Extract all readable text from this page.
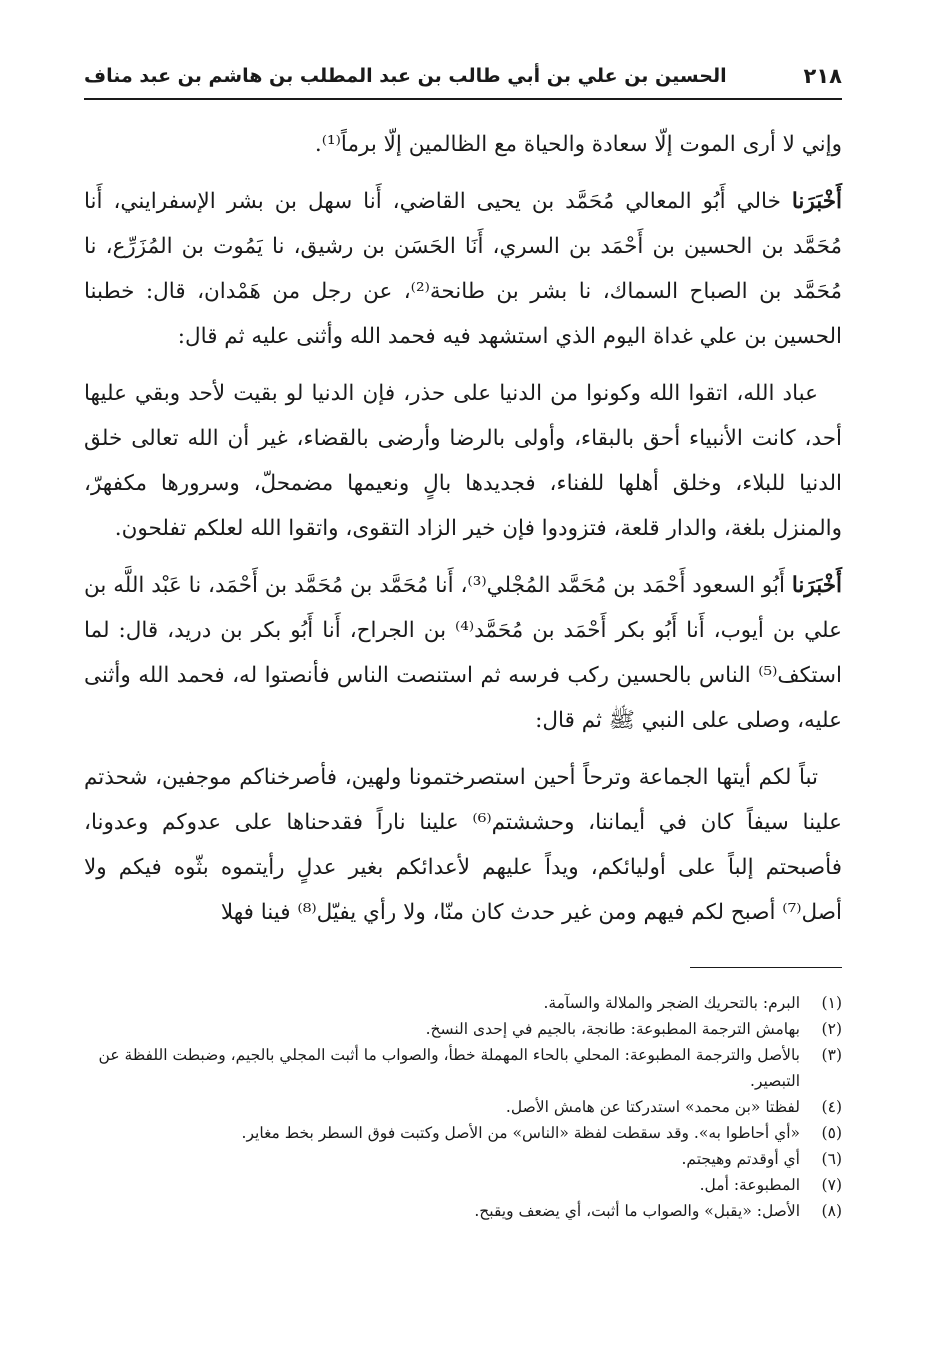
٢١٨
الحسين بن علي بن أبي طالب بن عبد المطلب بن هاشم بن عبد مناف

وإني لا أرى الموت إلّا سعادة والحياة مع الظالمين إلّا برماً⁽¹⁾.

أَخْبَرَنا خالي أَبُو المعالي مُحَمَّد بن يحيى القاضي، أَنا سهل بن بشر الإسفرايني، أَنا مُحَمَّد بن الحسين بن أَحْمَد بن السري، أَنَا الحَسَن بن رشيق، نا يَمُوت بن المُزَرِّع، نا مُحَمَّد بن الصباح السماك، نا بشر بن طانحة⁽²⁾، عن رجل من هَمْدان، قال: خطبنا الحسين بن علي غداة اليوم الذي استشهد فيه فحمد الله وأثنى عليه ثم قال:

عباد الله، اتقوا الله وكونوا من الدنيا على حذر، فإن الدنيا لو بقيت لأحد وبقي عليها أحد، كانت الأنبياء أحق بالبقاء، وأولى بالرضا وأرضى بالقضاء، غير أن الله تعالى خلق الدنيا للبلاء، وخلق أهلها للفناء، فجديدها بالٍ ونعيمها مضمحلّ، وسرورها مكفهرّ، والمنزل بلغة، والدار قلعة، فتزودوا فإن خير الزاد التقوى، واتقوا الله لعلكم تفلحون.

أَخْبَرَنا أَبُو السعود أَحْمَد بن مُحَمَّد المُجْلي⁽³⁾، أَنا مُحَمَّد بن مُحَمَّد بن أَحْمَد، نا عَبْد اللَّه بن علي بن أيوب، أَنا أَبُو بكر أَحْمَد بن مُحَمَّد⁽⁴⁾ بن الجراح، أَنا أَبُو بكر بن دريد، قال: لما استكف⁽⁵⁾ الناس بالحسين ركب فرسه ثم استنصت الناس فأنصتوا له، فحمد الله وأثنى عليه، وصلى على النبي ﷺ ثم قال:

تباً لكم أيتها الجماعة وترحاً أحين استصرختمونا ولهين، فأصرخناكم موجفين، شحذتم علينا سيفاً كان في أيماننا، وحششتم⁽⁶⁾ علينا ناراً فقدحناها على عدوكم وعدونا، فأصبحتم إلباً على أوليائكم، ويداً عليهم لأعدائكم بغير عدلٍ رأيتموه بثّوه فيكم ولا أصل⁽⁷⁾ أصبح لكم فيهم ومن غير حدث كان منّا، ولا رأي يفيّل⁽⁸⁾ فينا فهلا

(١)
البرم: بالتحريك الضجر والملالة والسآمة.
(٢)
بهامش الترجمة المطبوعة: طانجة، بالجيم في إحدى النسخ.
(٣)
بالأصل والترجمة المطبوعة: المحلي بالحاء المهملة خطأ، والصواب ما أثبت المجلي بالجيم، وضبطت اللفظة عن التبصير.
(٤)
لفظتا «بن محمد» استدركتا عن هامش الأصل.
(٥)
«أي أحاطوا به». وقد سقطت لفظة «الناس» من الأصل وكتبت فوق السطر بخط مغاير.
(٦)
أي أوقدتم وهيجتم.
(٧)
المطبوعة: أمل.
(٨)
الأصل: «يقبل» والصواب ما أثبت، أي يضعف ويقبح.
